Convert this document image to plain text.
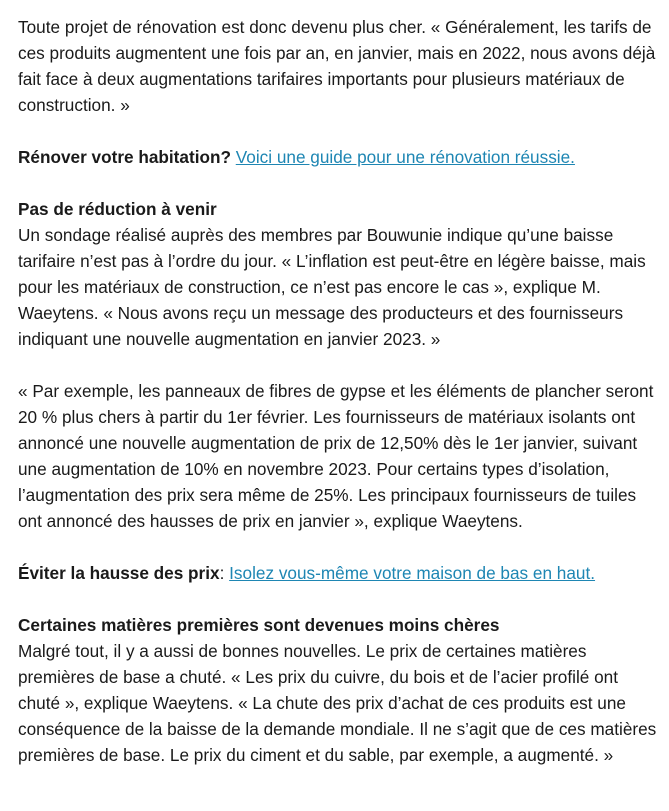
Toute projet de rénovation est donc devenu plus cher. « Généralement, les tarifs de ces produits augmentent une fois par an, en janvier, mais en 2022, nous avons déjà fait face à deux augmentations tarifaires importants pour plusieurs matériaux de construction. »

Rénover votre habitation? Voici une guide pour une rénovation réussie.

Pas de réduction à venir

Un sondage réalisé auprès des membres par Bouwunie indique qu’une baisse tarifaire n’est pas à l’ordre du jour. « L’inflation est peut-être en légère baisse, mais pour les matériaux de construction, ce n’est pas encore le cas », explique M. Waeytens. « Nous avons reçu un message des producteurs et des fournisseurs indiquant une nouvelle augmentation en janvier 2023. »

« Par exemple, les panneaux de fibres de gypse et les éléments de plancher seront 20 % plus chers à partir du 1er février. Les fournisseurs de matériaux isolants ont annoncé une nouvelle augmentation de prix de 12,50% dès le 1er janvier, suivant une augmentation de 10% en novembre 2023. Pour certains types d’isolation, l’augmentation des prix sera même de 25%. Les principaux fournisseurs de tuiles ont annoncé des hausses de prix en janvier », explique Waeytens.

Éviter la hausse des prix: Isolez vous-même votre maison de bas en haut.

Certaines matières premières sont devenues moins chères

Malgré tout, il y a aussi de bonnes nouvelles. Le prix de certaines matières premières de base a chuté. « Les prix du cuivre, du bois et de l’acier profilé ont chuté », explique Waeytens. « La chute des prix d’achat de ces produits est une conséquence de la baisse de la demande mondiale. Il ne s’agit que de ces matières premières de base. Le prix du ciment et du sable, par exemple, a augmenté. »
